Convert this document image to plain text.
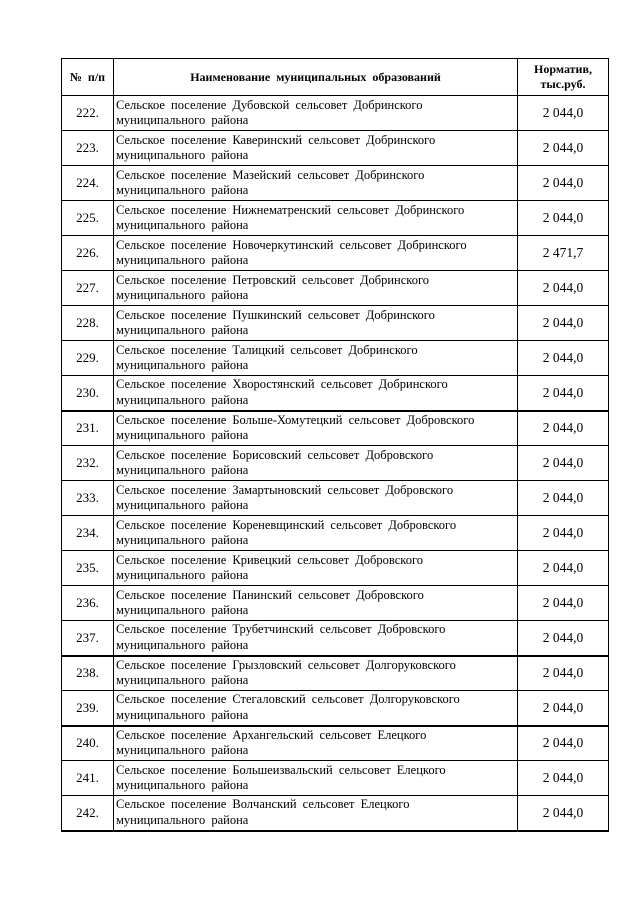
№ п/п	Наименование муниципальных образований	Норматив,
тыс.руб.

222.	Сельское поселение Дубовской сельсовет Добринского
муниципального района	2 044,0
223.	Сельское поселение Каверинский сельсовет Добринского
муниципального района	2 044,0
224.	Сельское поселение Мазейский сельсовет Добринского
муниципального района	2 044,0
225.	Сельское поселение Нижнематренский сельсовет Добринского
муниципального района	2 044,0
226.	Сельское поселение Новочеркутинский сельсовет Добринского
муниципального района	2 471,7
227.	Сельское поселение Петровский сельсовет Добринского
муниципального района	2 044,0
228.	Сельское поселение Пушкинский сельсовет Добринского
муниципального района	2 044,0
229.	Сельское поселение Талицкий сельсовет Добринского
муниципального района	2 044,0
230.	Сельское поселение Хворостянский сельсовет Добринского
муниципального района	2 044,0
231.	Сельское поселение Больше-Хомутецкий сельсовет Добровского
муниципального района	2 044,0
232.	Сельское поселение Борисовский сельсовет Добровского
муниципального района	2 044,0
233.	Сельское поселение Замартыновский сельсовет Добровского
муниципального района	2 044,0
234.	Сельское поселение Кореневщинский сельсовет Добровского
муниципального района	2 044,0
235.	Сельское поселение Кривецкий сельсовет Добровского
муниципального района	2 044,0
236.	Сельское поселение Панинский сельсовет Добровского
муниципального района	2 044,0
237.	Сельское поселение Трубетчинский сельсовет Добровского
муниципального района	2 044,0
238.	Сельское поселение Грызловский сельсовет Долгоруковского
муниципального района	2 044,0
239.	Сельское поселение Стегаловский сельсовет Долгоруковского
муниципального района	2 044,0
240.	Сельское поселение Архангельский сельсовет Елецкого
муниципального района	2 044,0
241.	Сельское поселение Большеизвальский сельсовет Елецкого
муниципального района	2 044,0
242.	Сельское поселение Волчанский сельсовет Елецкого
муниципального района	2 044,0
